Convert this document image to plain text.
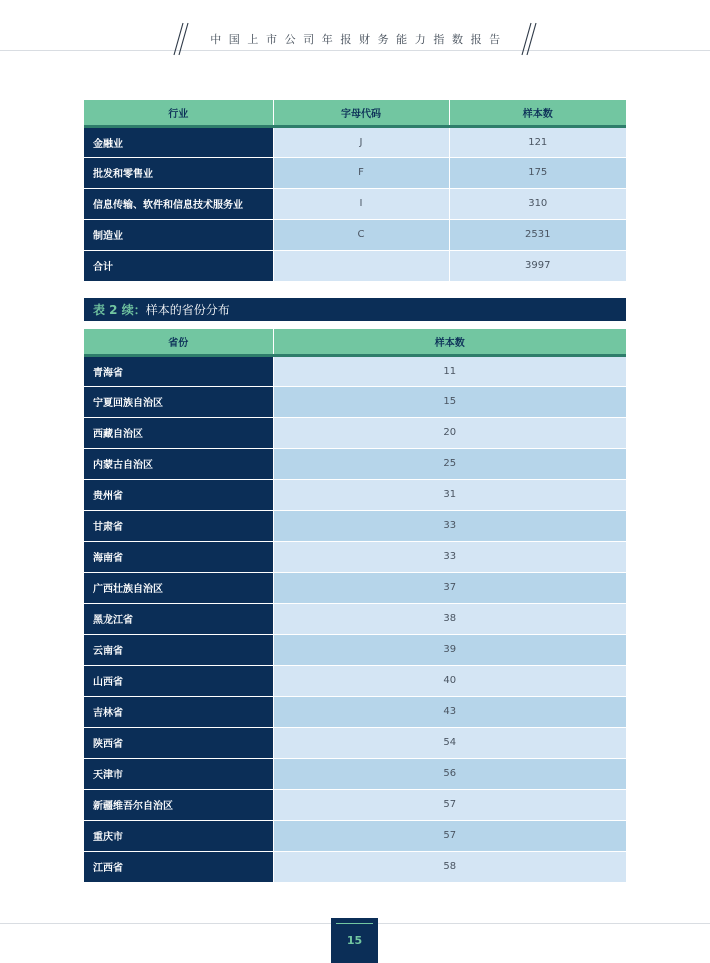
中国上市公司年报财务能力指数报告
行业	字母代码	样本数
金融业	J	121
批发和零售业	F	175
信息传输、软件和信息技术服务业	I	310
制造业	C	2531
合计		3997
表 2 续： 样本的省份分布
省份	样本数
青海省	11
宁夏回族自治区	15
西藏自治区	20
内蒙古自治区	25
贵州省	31
甘肃省	33
海南省	33
广西壮族自治区	37
黑龙江省	38
云南省	39
山西省	40
吉林省	43
陕西省	54
天津市	56
新疆维吾尔自治区	57
重庆市	57
江西省	58
15
